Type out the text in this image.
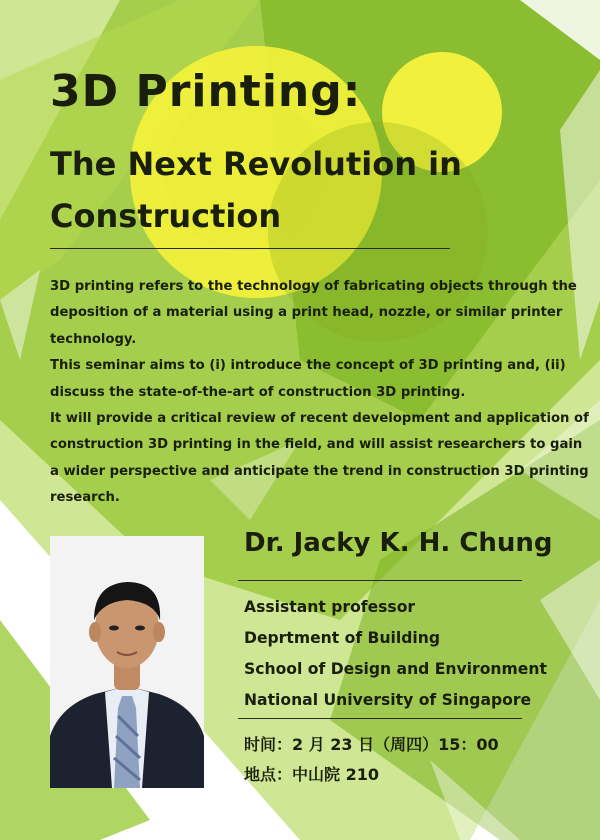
3D Printing:
The Next Revolution in Construction

3D printing refers to the technology of fabricating objects through the deposition of a material using a print head, nozzle, or similar printer technology.

This seminar aims to (i) introduce the concept of 3D printing and, (ii) discuss the state-of-the-art of construction 3D printing.

It will provide a critical review of recent development and application of construction 3D printing in the field, and will assist researchers to gain a wider perspective and anticipate the trend in construction 3D printing research.

Dr. Jacky K. H. Chung
Assistant professor
Deprtment of Building
School of Design and Environment
National University of Singapore
时间：2 月 23 日（周四）15：00
地点：中山院 210
